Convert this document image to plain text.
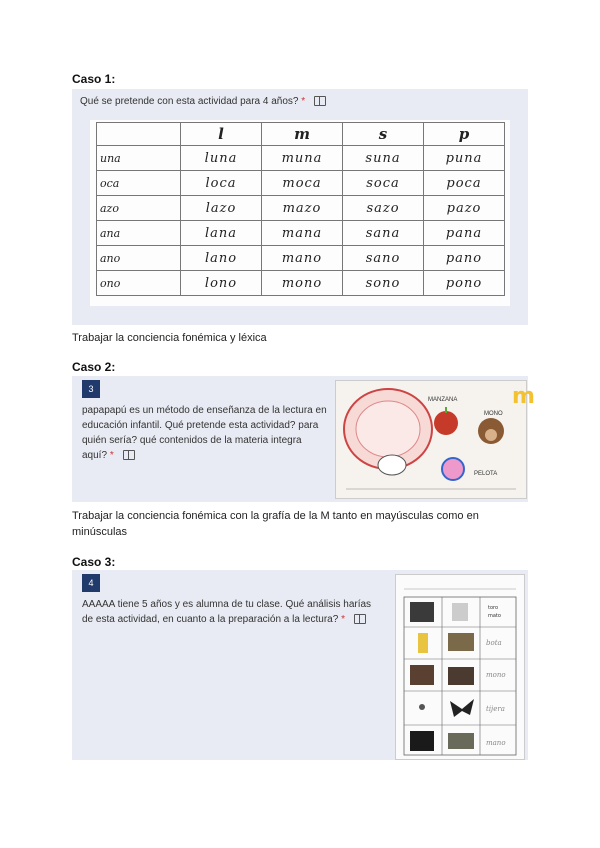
Caso 1:
Qué se pretende con esta actividad para 4 años? *
	l	m	s	p
una	luna	muna	suna	puna
oca	loca	moca	soca	poca
azo	lazo	mazo	sazo	pazo
ana	lana	mana	sana	pana
ano	lano	mano	sano	pano
ono	lono	mono	sono	pono
Trabajar la conciencia fonémica y léxica
Caso 2:
3
papapapú es un método de enseñanza de la lectura en educación infantil. Qué pretende esta actividad? para quién sería? qué contenidos de la materia integra aquí? *
m
MANZANA
MONO
PELOTA
Trabajar la conciencia fonémica con la grafía de la M tanto en mayúsculas como en minúsculas
Caso 3:
4
AAAAA tiene 5 años y es alumna de tu clase. Qué análisis harías de esta actividad, en cuanto a la preparación a la lectura? *
toro
mato
bota
mono
tijera
mano
